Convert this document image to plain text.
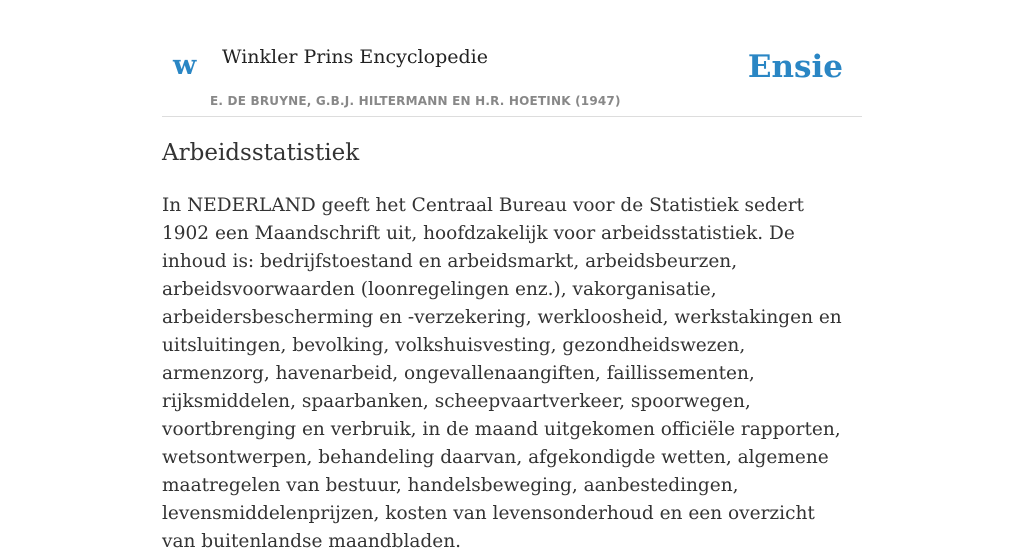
w Winkler Prins Encyclopedie
E. DE BRUYNE, G.B.J. HILTERMANN EN H.R. HOETINK (1947)
Ensie
Arbeidsstatistiek

In NEDERLAND geeft het Centraal Bureau voor de Statistiek sedert 1902 een Maandschrift uit, hoofdzakelijk voor arbeidsstatistiek. De inhoud is: bedrijfstoestand en arbeidsmarkt, arbeidsbeurzen, arbeidsvoorwaarden (loonregelingen enz.), vakorganisatie, arbeidersbescherming en -verzekering, werkloosheid, werkstakingen en uitsluitingen, bevolking, volkshuisvesting, gezondheidswezen, armenzorg, havenarbeid, ongevallenaangiften, faillissementen, rijksmiddelen, spaarbanken, scheepvaartverkeer, spoorwegen, voortbrenging en verbruik, in de maand uitgekomen officiële rapporten, wetsontwerpen, behandeling daarvan, afgekondigde wetten, algemene maatregelen van bestuur, handelsbeweging, aanbestedingen, levensmiddelenprijzen, kosten van levensonderhoud en een overzicht van buitenlandse maandbladen.
